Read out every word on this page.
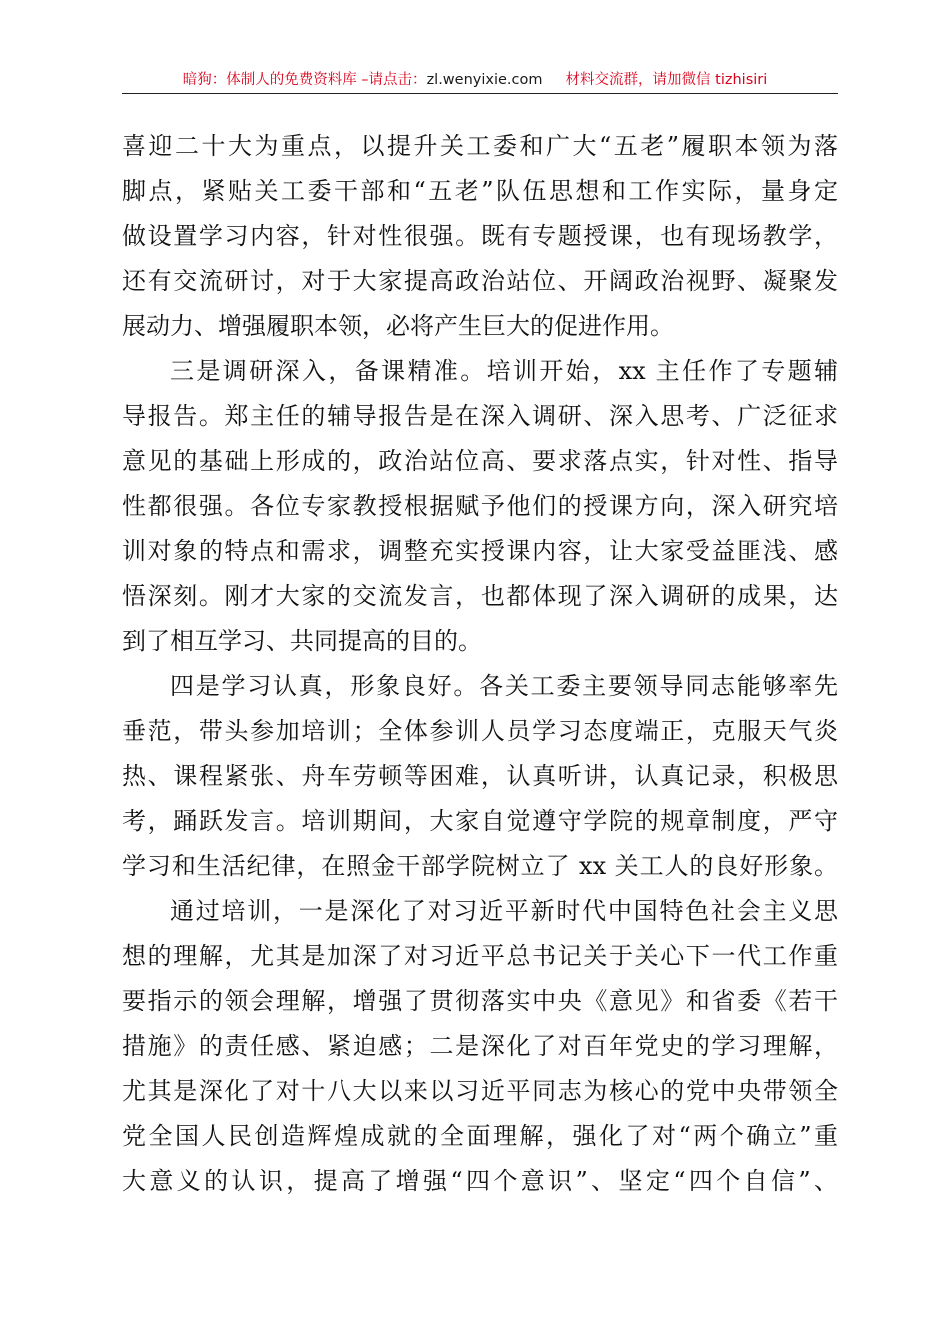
暗狗：体制人的免费资料库 –请点击：zl.wenyixie.com 材料交流群，请加微信 tizhisiri
喜迎二十大为重点，以提升关工委和广大“五老”履职本领为落
脚点，紧贴关工委干部和“五老”队伍思想和工作实际，量身定
做设置学习内容，针对性很强。既有专题授课，也有现场教学，
还有交流研讨，对于大家提高政治站位、开阔政治视野、凝聚发
展动力、增强履职本领，必将产生巨大的促进作用。
三是调研深入，备课精准。培训开始，xx 主任作了专题辅
导报告。郑主任的辅导报告是在深入调研、深入思考、广泛征求
意见的基础上形成的，政治站位高、要求落点实，针对性、指导
性都很强。各位专家教授根据赋予他们的授课方向，深入研究培
训对象的特点和需求，调整充实授课内容，让大家受益匪浅、感
悟深刻。刚才大家的交流发言，也都体现了深入调研的成果，达
到了相互学习、共同提高的目的。
四是学习认真，形象良好。各关工委主要领导同志能够率先
垂范，带头参加培训；全体参训人员学习态度端正，克服天气炎
热、课程紧张、舟车劳顿等困难，认真听讲，认真记录，积极思
考，踊跃发言。培训期间，大家自觉遵守学院的规章制度，严守
学习和生活纪律，在照金干部学院树立了 xx 关工人的良好形象。
通过培训，一是深化了对习近平新时代中国特色社会主义思
想的理解，尤其是加深了对习近平总书记关于关心下一代工作重
要指示的领会理解，增强了贯彻落实中央《意见》和省委《若干
措施》的责任感、紧迫感；二是深化了对百年党史的学习理解，
尤其是深化了对十八大以来以习近平同志为核心的党中央带领全
党全国人民创造辉煌成就的全面理解，强化了对“两个确立”重
大意义的认识，提高了增强“四个意识”、坚定“四个自信”、
